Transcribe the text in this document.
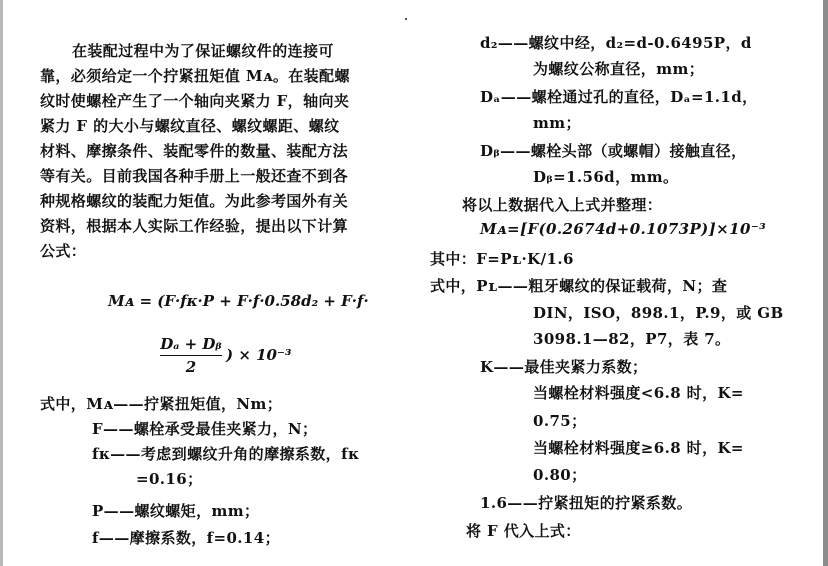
在装配过程中为了保证螺纹件的连接可
靠，必须给定一个拧紧扭矩值 Mᴀ。在装配螺
纹时使螺栓产生了一个轴向夹紧力 F，轴向夹
紧力 F 的大小与螺纹直径、螺纹螺距、螺纹
材料、摩擦条件、装配零件的数量、装配方法
等有关。目前我国各种手册上一般还查不到各
种规格螺纹的装配力矩值。为此参考国外有关
资料，根据本人实际工作经验，提出以下计算
公式：
Mᴀ = (F·fᴋ·P + F·f·0.58d₂ + F·f·
Dₐ + Dᵦ
2
) × 10⁻³
式中，Mᴀ——拧紧扭矩值，Nm；
F——螺栓承受最佳夹紧力，N；
fᴋ——考虑到螺纹升角的摩擦系数，fᴋ
=0.16；
P——螺纹螺矩，mm；
f——摩擦系数，f=0.14；
d₂——螺纹中经，d₂=d-0.6495P，d
为螺纹公称直径，mm；
Dₐ——螺栓通过孔的直径，Dₐ=1.1d，
mm；
Dᵦ——螺栓头部（或螺帽）接触直径，
Dᵦ=1.56d，mm。
将以上数据代入上式并整理：
Mᴀ=[F(0.2674d+0.1073P)]×10⁻³
其中：F=Pʟ·K/1.6
式中，Pʟ——粗牙螺纹的保证载荷，N；查
DIN，ISO，898.1，P.9，或 GB
3098.1—82，P7，表 7。
K——最佳夹紧力系数；
当螺栓材料强度<6.8 时，K=
0.75；
当螺栓材料强度≥6.8 时，K=
0.80；
1.6——拧紧扭矩的拧紧系数。
将 F 代入上式：
